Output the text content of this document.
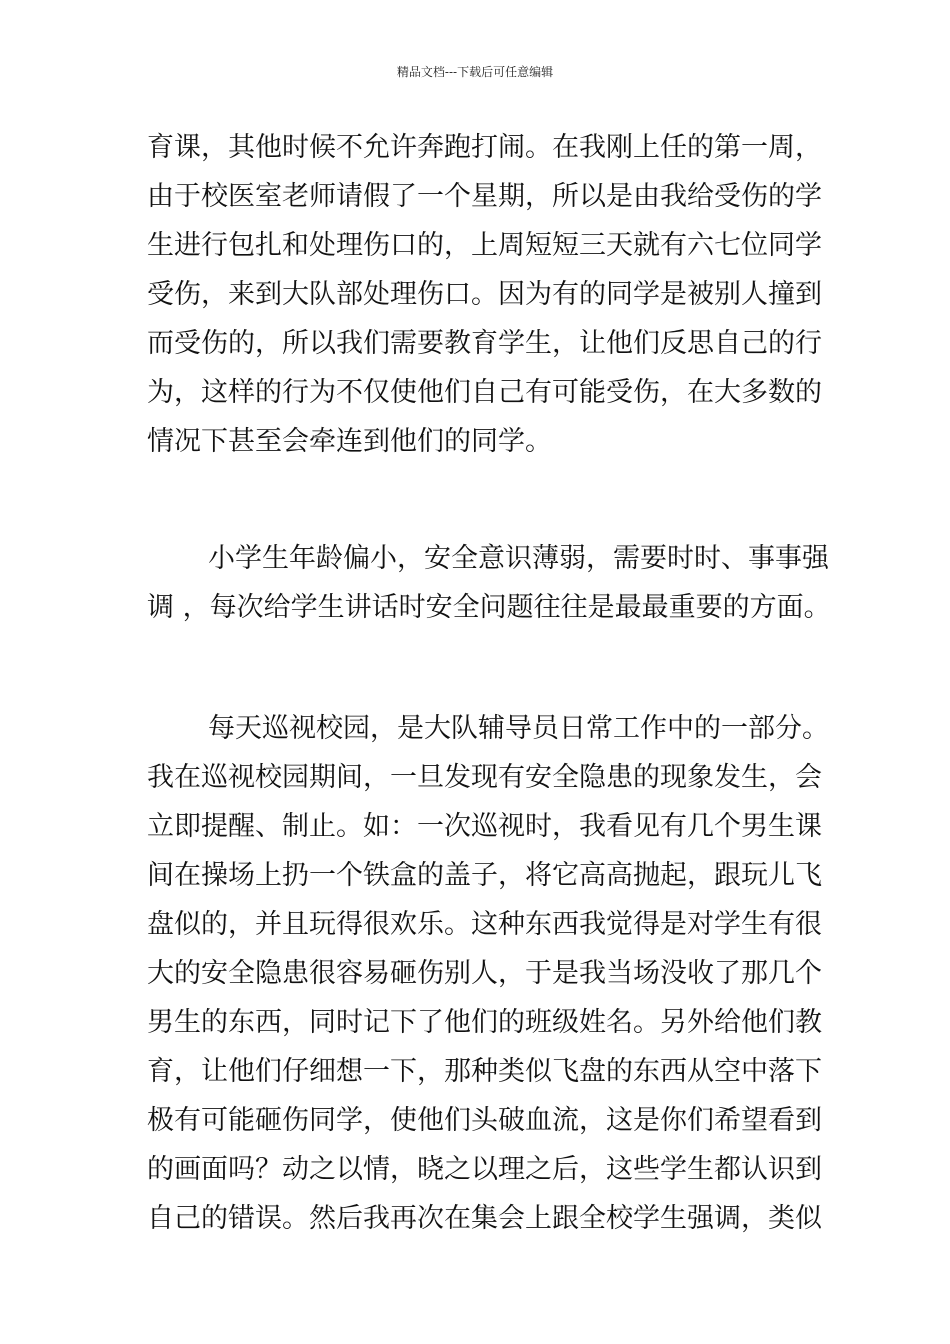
精品文档---下载后可任意编辑
育课，其他时候不允许奔跑打闹。在我刚上任的第一周，
由于校医室老师请假了一个星期，所以是由我给受伤的学
生进行包扎和处理伤口的，上周短短三天就有六七位同学
受伤，来到大队部处理伤口。因为有的同学是被别人撞到
而受伤的，所以我们需要教育学生，让他们反思自己的行
为，这样的行为不仅使他们自己有可能受伤，在大多数的
情况下甚至会牵连到他们的同学。
小学生年龄偏小，安全意识薄弱，需要时时、事事强
调 ，每次给学生讲话时安全问题往往是最最重要的方面。
每天巡视校园，是大队辅导员日常工作中的一部分。
我在巡视校园期间，一旦发现有安全隐患的现象发生，会
立即提醒、制止。如：一次巡视时，我看见有几个男生课
间在操场上扔一个铁盒的盖子，将它高高抛起，跟玩儿飞
盘似的，并且玩得很欢乐。这种东西我觉得是对学生有很
大的安全隐患很容易砸伤别人，于是我当场没收了那几个
男生的东西，同时记下了他们的班级姓名。另外给他们教
育，让他们仔细想一下，那种类似飞盘的东西从空中落下
极有可能砸伤同学，使他们头破血流，这是你们希望看到
的画面吗？动之以情，晓之以理之后，这些学生都认识到
自己的错误。然后我再次在集会上跟全校学生强调，类似
